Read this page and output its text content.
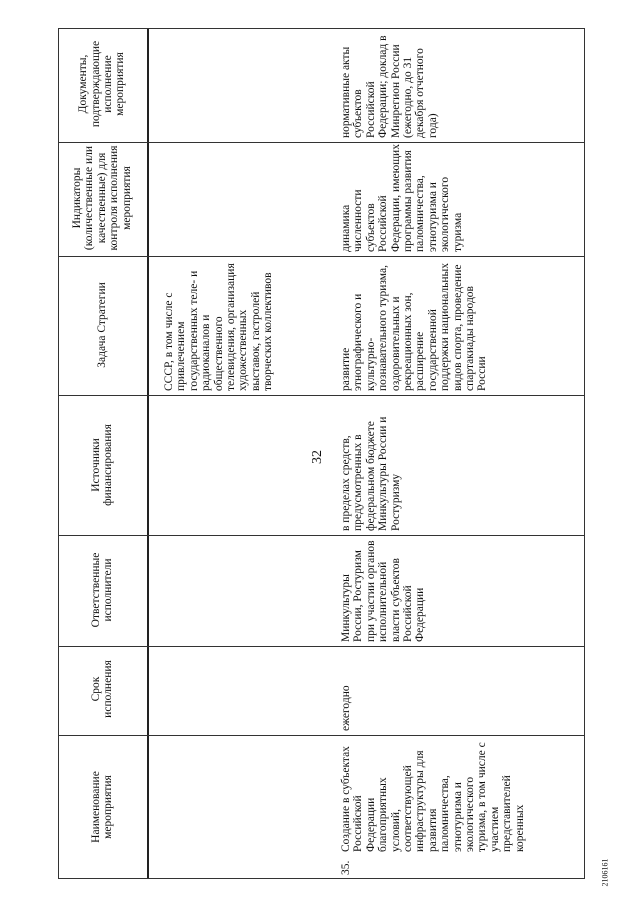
32
2106161
Наименование мероприятия
Срок исполнения
Ответственные исполнители
Источники финансирования
Задача Стратегии
Индикаторы (количественные или качественные) для контроля исполнения мероприятия
Документы, подтверждающие исполнение мероприятия
СССР, в том числе с привлечением государственных теле- и радиоканалов и общественного телевидения, организация художественных выставок, гастролей творческих коллективов
35.
Создание в субъектах Российской Федерации благоприятных условий, соответствующей инфраструктуры для развития паломничества, этнотуризма и экологического туризма, в том числе с участием представителей коренных
ежегодно
Минкультуры России, Ростуризм при участии органов исполнительной власти субъектов Российской Федерации
в пределах средств, предусмотренных в федеральном бюджете Минкультуры России и Ростуризму
развитие этнографического и культурно-познавательного туризма, оздоровительных и рекреационных зон, расширение государственной поддержки национальных видов спорта, проведение спартакиады народов России
динамика численности субъектов Российской Федерации, имеющих программы развития паломничества, этнотуризма и экологического туризма
нормативные акты субъектов Российской Федерации; доклад в Минрегион России (ежегодно, до 31 декабря отчетного года)
